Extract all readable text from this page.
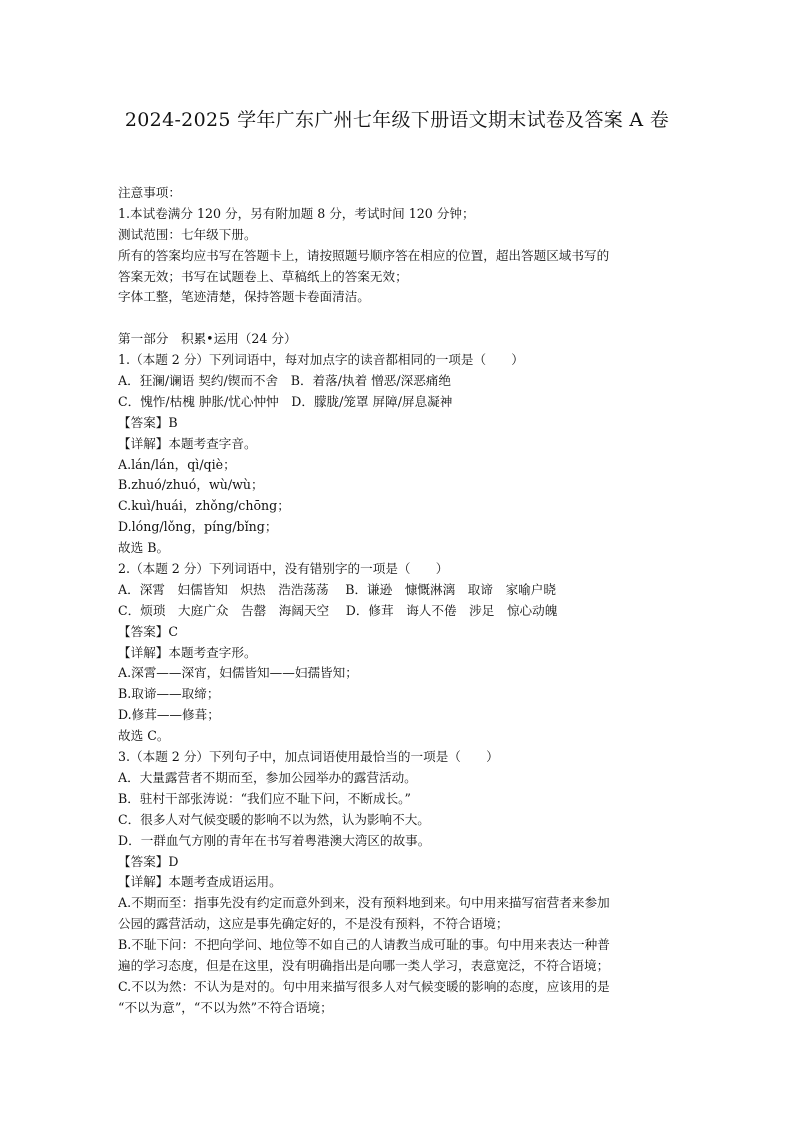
2024-2025 学年广东广州七年级下册语文期末试卷及答案 A 卷
注意事项：
1.本试卷满分 120 分，另有附加题 8 分，考试时间 120 分钟；
测试范围：七年级下册。
所有的答案均应书写在答题卡上，请按照题号顺序答在相应的位置，超出答题区域书写的
答案无效；书写在试题卷上、草稿纸上的答案无效；
字体工整，笔迹清楚，保持答题卡卷面清洁。
第一部分　积累•运用（24 分）
1.（本题 2 分）下列词语中，每对加点字的读音都相同的一项是（　　）
A．狂澜/谰语 契约/锲而不舍　B．着落/执着 憎恶/深恶痛绝
C．愧怍/枯槐 肿胀/忧心忡忡　D．朦胧/笼罩 屏障/屏息凝神
【答案】B
【详解】本题考查字音。
A.lán/lán，qì/qiè；
B.zhuó/zhuó，wù/wù；
C.kuì/huái，zhǒng/chōng；
D.lóng/lǒng，píng/bǐng；
故选 B。
2.（本题 2 分）下列词语中，没有错别字的一项是（　　）
A．深霄　妇儒皆知　炽热　浩浩荡荡　 B．谦逊　慷慨淋漓　取谛　家喻户晓
C．烦琐　大庭广众　告罄　海阔天空　 D．修茸　诲人不倦　涉足　惊心动魄
【答案】C
【详解】本题考查字形。
A.深霄——深宵，妇儒皆知——妇孺皆知；
B.取谛——取缔；
D.修茸——修葺；
故选 C。
3.（本题 2 分）下列句子中，加点词语使用最恰当的一项是（　　）
A．大量露营者不期而至，参加公园举办的露营活动。
B．驻村干部张涛说：“我们应不耻下问，不断成长。”
C．很多人对气候变暖的影响不以为然，认为影响不大。
D．一群血气方刚的青年在书写着粤港澳大湾区的故事。
【答案】D
【详解】本题考查成语运用。
A.不期而至：指事先没有约定而意外到来，没有预料地到来。句中用来描写宿营者来参加
公园的露营活动，这应是事先确定好的，不是没有预料，不符合语境；
B.不耻下问：不把向学问、地位等不如自己的人请教当成可耻的事。句中用来表达一种普
遍的学习态度，但是在这里，没有明确指出是向哪一类人学习，表意宽泛，不符合语境；
C.不以为然：不认为是对的。句中用来描写很多人对气候变暖的影响的态度，应该用的是
“不以为意”，“不以为然”不符合语境；
